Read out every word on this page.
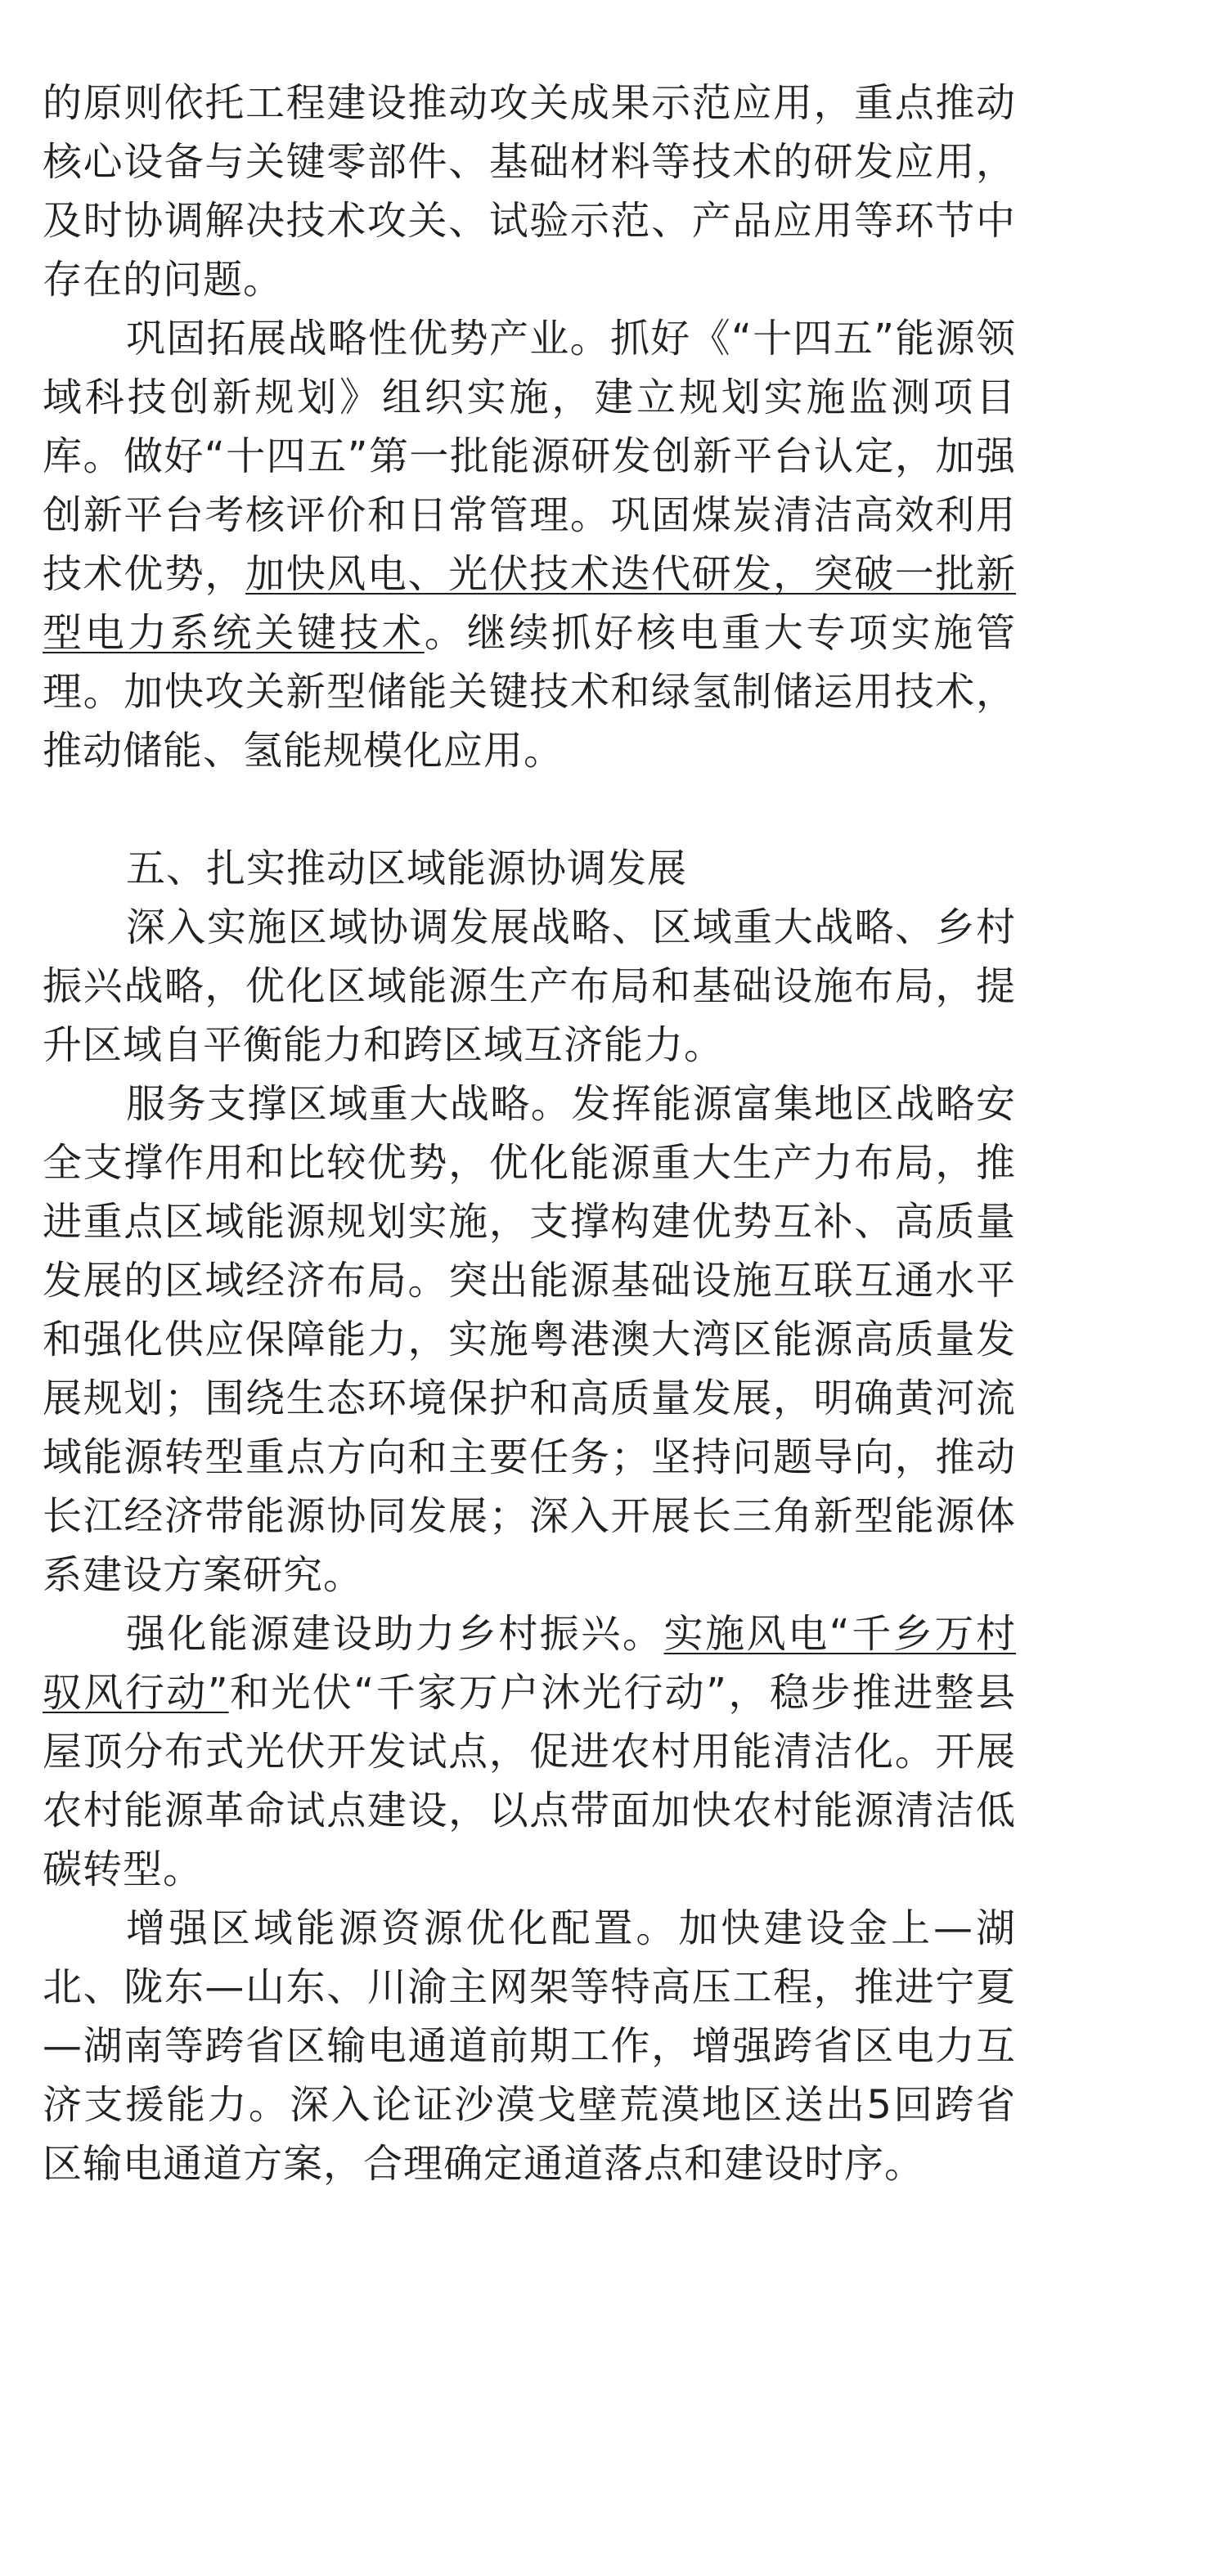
的原则依托工程建设推动攻关成果示范应用，重点推动核心设备与关键零部件、基础材料等技术的研发应用，及时协调解决技术攻关、试验示范、产品应用等环节中存在的问题。

巩固拓展战略性优势产业。抓好《“十四五”能源领域科技创新规划》组织实施，建立规划实施监测项目库。做好“十四五”第一批能源研发创新平台认定，加强创新平台考核评价和日常管理。巩固煤炭清洁高效利用技术优势，加快风电、光伏技术迭代研发，突破一批新型电力系统关键技术。继续抓好核电重大专项实施管理。加快攻关新型储能关键技术和绿氢制储运用技术，推动储能、氢能规模化应用。

五、扎实推动区域能源协调发展

深入实施区域协调发展战略、区域重大战略、乡村振兴战略，优化区域能源生产布局和基础设施布局，提升区域自平衡能力和跨区域互济能力。

服务支撑区域重大战略。发挥能源富集地区战略安全支撑作用和比较优势，优化能源重大生产力布局，推进重点区域能源规划实施，支撑构建优势互补、高质量发展的区域经济布局。突出能源基础设施互联互通水平和强化供应保障能力，实施粤港澳大湾区能源高质量发展规划；围绕生态环境保护和高质量发展，明确黄河流域能源转型重点方向和主要任务；坚持问题导向，推动长江经济带能源协同发展；深入开展长三角新型能源体系建设方案研究。

强化能源建设助力乡村振兴。实施风电“千乡万村驭风行动”和光伏“千家万户沐光行动”，稳步推进整县屋顶分布式光伏开发试点，促进农村用能清洁化。开展农村能源革命试点建设，以点带面加快农村能源清洁低碳转型。

增强区域能源资源优化配置。加快建设金上—湖北、陇东—山东、川渝主网架等特高压工程，推进宁夏—湖南等跨省区输电通道前期工作，增强跨省区电力互济支援能力。深入论证沙漠戈壁荒漠地区送出5回跨省区输电通道方案，合理确定通道落点和建设时序。
